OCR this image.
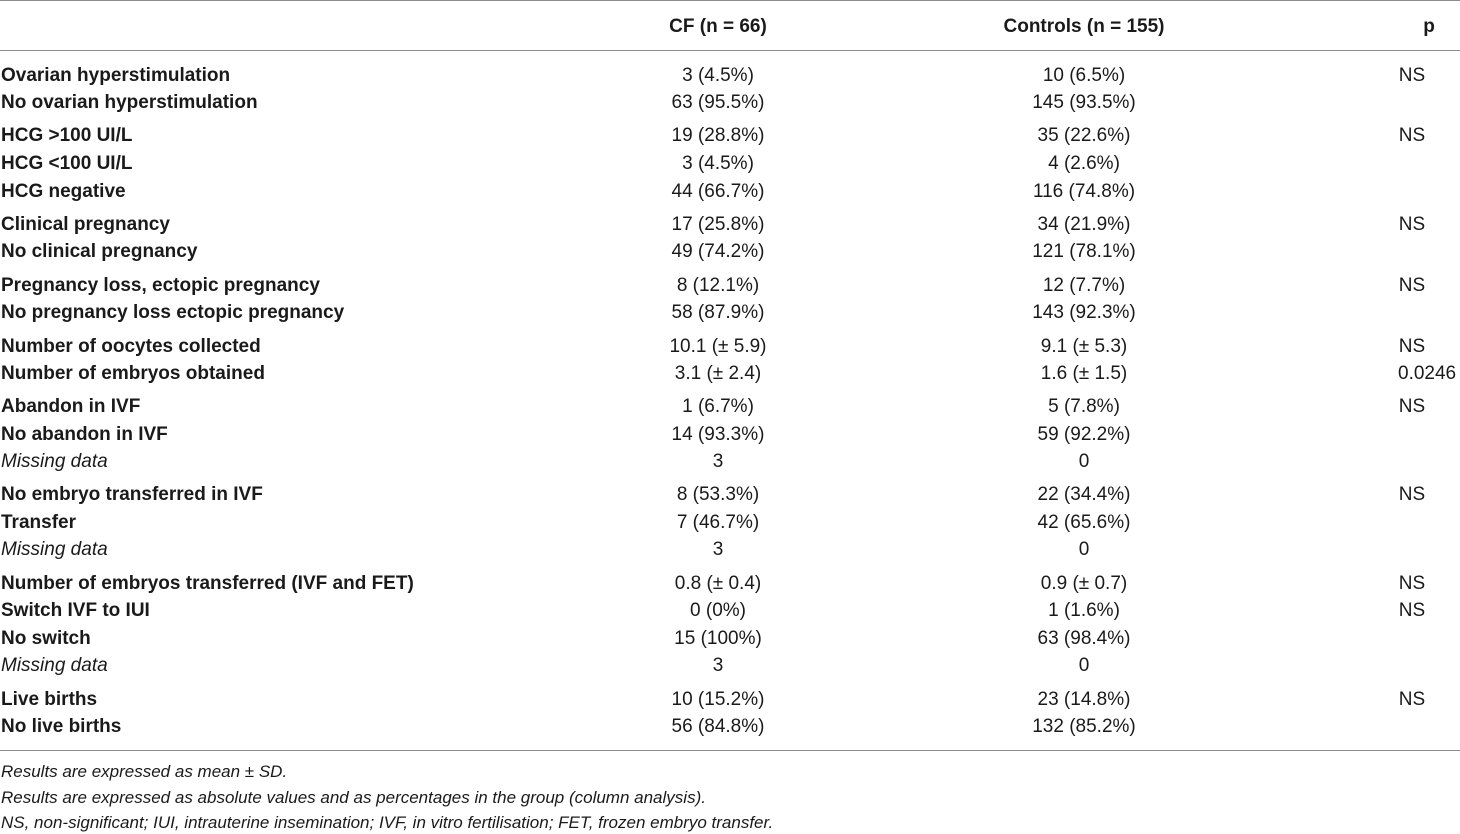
CF (n = 66)	Controls (n = 155)	p
Ovarian hyperstimulation	3 (4.5%)	10 (6.5%)	NS
No ovarian hyperstimulation	63 (95.5%)	145 (93.5%)
HCG >100 UI/L	19 (28.8%)	35 (22.6%)	NS
HCG <100 UI/L	3 (4.5%)	4 (2.6%)
HCG negative	44 (66.7%)	116 (74.8%)
Clinical pregnancy	17 (25.8%)	34 (21.9%)	NS
No clinical pregnancy	49 (74.2%)	121 (78.1%)
Pregnancy loss, ectopic pregnancy	8 (12.1%)	12 (7.7%)	NS
No pregnancy loss ectopic pregnancy	58 (87.9%)	143 (92.3%)
Number of oocytes collected	10.1 (± 5.9)	9.1 (± 5.3)	NS
Number of embryos obtained	3.1 (± 2.4)	1.6 (± 1.5)	0.0246
Abandon in IVF	1 (6.7%)	5 (7.8%)	NS
No abandon in IVF	14 (93.3%)	59 (92.2%)
Missing data	3	0
No embryo transferred in IVF	8 (53.3%)	22 (34.4%)	NS
Transfer	7 (46.7%)	42 (65.6%)
Missing data	3	0
Number of embryos transferred (IVF and FET)	0.8 (± 0.4)	0.9 (± 0.7)	NS
Switch IVF to IUI	0 (0%)	1 (1.6%)	NS
No switch	15 (100%)	63 (98.4%)
Missing data	3	0
Live births	10 (15.2%)	23 (14.8%)	NS
No live births	56 (84.8%)	132 (85.2%)
Results are expressed as mean ± SD.
Results are expressed as absolute values and as percentages in the group (column analysis).
NS, non-significant; IUI, intrauterine insemination; IVF, in vitro fertilisation; FET, frozen embryo transfer.
